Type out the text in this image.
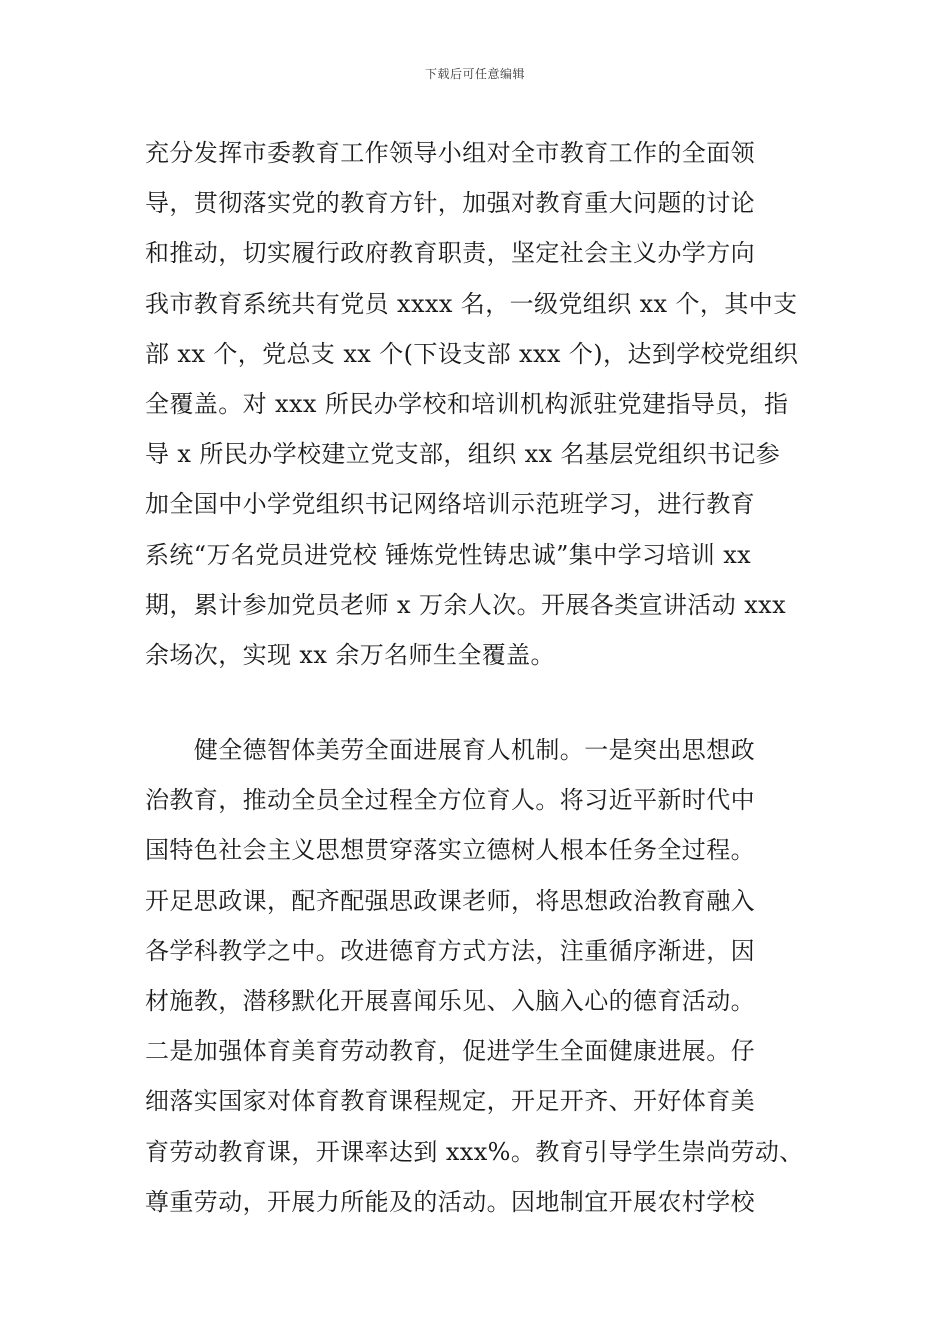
下载后可任意编辑
充分发挥市委教育工作领导小组对全市教育工作的全面领
导，贯彻落实党的教育方针，加强对教育重大问题的讨论
和推动，切实履行政府教育职责，坚定社会主义办学方向
我市教育系统共有党员 xxxx 名，一级党组织 xx 个，其中支
部 xx 个，党总支 xx 个(下设支部 xxx 个)，达到学校党组织
全覆盖。对 xxx 所民办学校和培训机构派驻党建指导员，指
导 x 所民办学校建立党支部，组织 xx 名基层党组织书记参
加全国中小学党组织书记网络培训示范班学习，进行教育
系统“万名党员进党校 锤炼党性铸忠诚”集中学习培训 xx
期，累计参加党员老师 x 万余人次。开展各类宣讲活动 xxx
余场次，实现 xx 余万名师生全覆盖。
　　健全德智体美劳全面进展育人机制。一是突出思想政
治教育，推动全员全过程全方位育人。将习近平新时代中
国特色社会主义思想贯穿落实立德树人根本任务全过程。
开足思政课，配齐配强思政课老师，将思想政治教育融入
各学科教学之中。改进德育方式方法，注重循序渐进，因
材施教，潜移默化开展喜闻乐见、入脑入心的德育活动。
二是加强体育美育劳动教育，促进学生全面健康进展。仔
细落实国家对体育教育课程规定，开足开齐、开好体育美
育劳动教育课，开课率达到 xxx%。教育引导学生崇尚劳动、
尊重劳动，开展力所能及的活动。因地制宜开展农村学校
